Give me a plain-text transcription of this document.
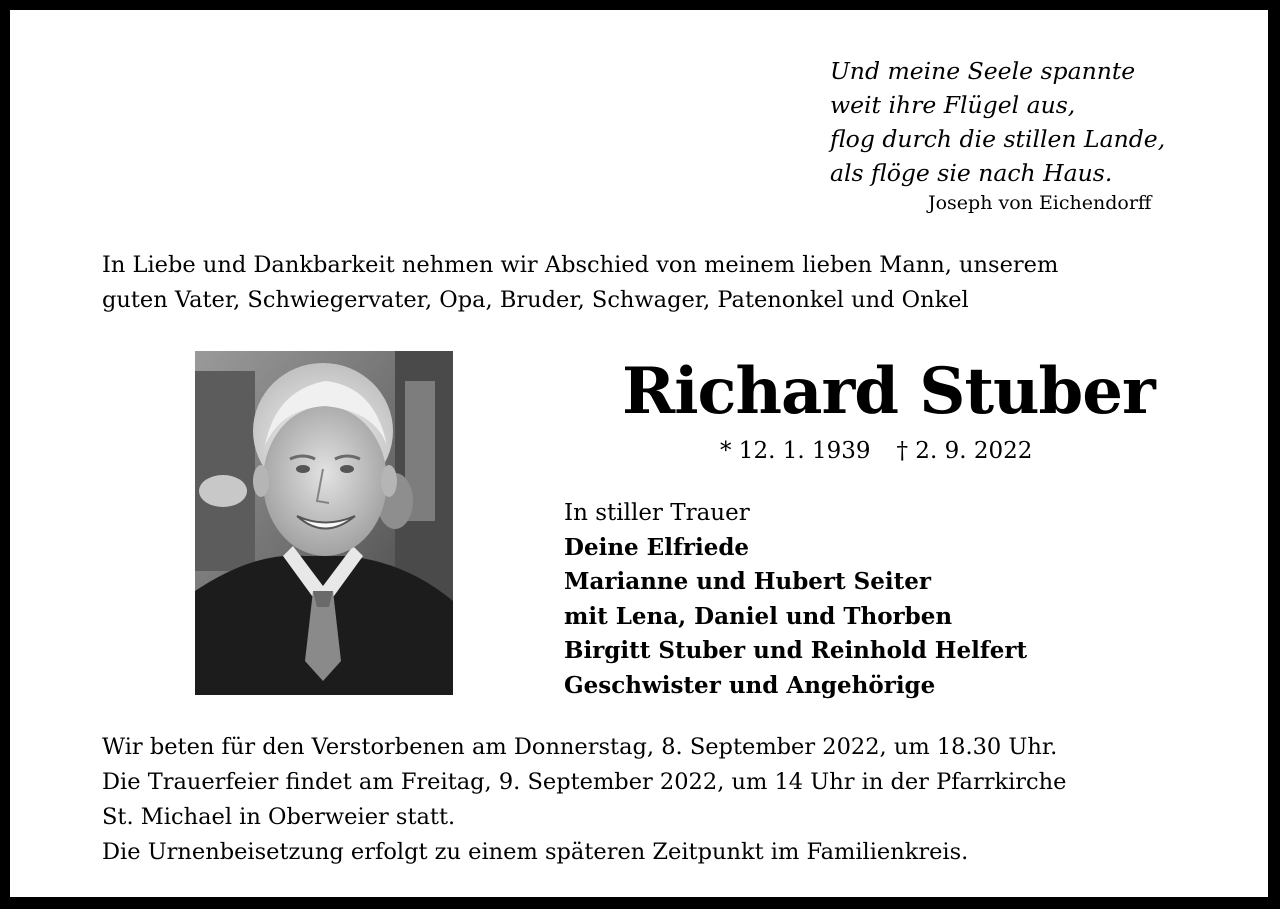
Und meine Seele spannte
weit ihre Flügel aus,
flog durch die stillen Lande,
als flöge sie nach Haus.
Joseph von Eichendorff
In Liebe und Dankbarkeit nehmen wir Abschied von meinem lieben Mann, unserem
guten Vater, Schwiegervater, Opa, Bruder, Schwager, Patenonkel und Onkel
Richard Stuber
* 12. 1. 1939 † 2. 9. 2022
In stiller Trauer
Deine Elfriede
Marianne und Hubert Seiter
mit Lena, Daniel und Thorben
Birgitt Stuber und Reinhold Helfert
Geschwister und Angehörige
Wir beten für den Verstorbenen am Donnerstag, 8. September 2022, um 18.30 Uhr.
Die Trauerfeier findet am Freitag, 9. September 2022, um 14 Uhr in der Pfarrkirche
St. Michael in Oberweier statt.
Die Urnenbeisetzung erfolgt zu einem späteren Zeitpunkt im Familienkreis.
